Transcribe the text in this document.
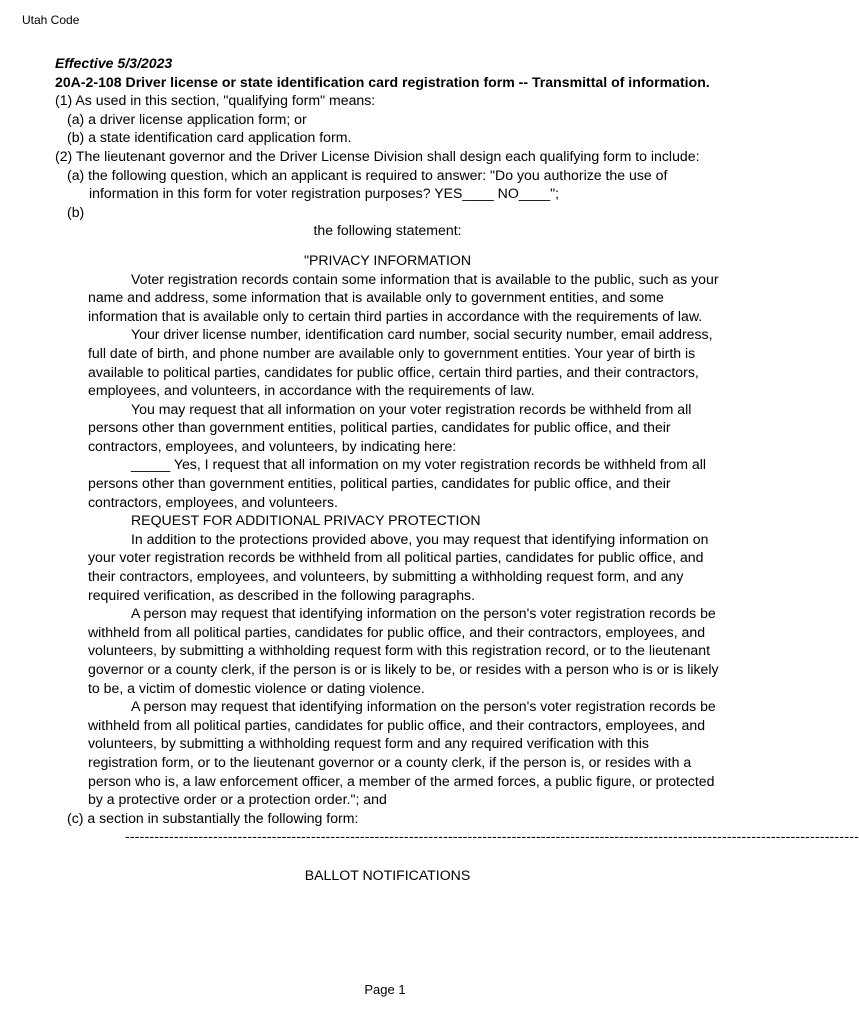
Utah Code

Effective 5/3/2023

20A-2-108 Driver license or state identification card registration form -- Transmittal of information.

(1) As used in this section, "qualifying form" means:

(a) a driver license application form; or

(b) a state identification card application form.

(2) The lieutenant governor and the Driver License Division shall design each qualifying form to include:

(a) the following question, which an applicant is required to answer: "Do you authorize the use of information in this form for voter registration purposes? YES____ NO____";

(b)

the following statement:

"PRIVACY INFORMATION

Voter registration records contain some information that is available to the public, such as your name and address, some information that is available only to government entities, and some information that is available only to certain third parties in accordance with the requirements of law.

Your driver license number, identification card number, social security number, email address, full date of birth, and phone number are available only to government entities. Your year of birth is available to political parties, candidates for public office, certain third parties, and their contractors, employees, and volunteers, in accordance with the requirements of law.

You may request that all information on your voter registration records be withheld from all persons other than government entities, political parties, candidates for public office, and their contractors, employees, and volunteers, by indicating here:

_____ Yes, I request that all information on my voter registration records be withheld from all persons other than government entities, political parties, candidates for public office, and their contractors, employees, and volunteers.

REQUEST FOR ADDITIONAL PRIVACY PROTECTION

In addition to the protections provided above, you may request that identifying information on your voter registration records be withheld from all political parties, candidates for public office, and their contractors, employees, and volunteers, by submitting a withholding request form, and any required verification, as described in the following paragraphs.

A person may request that identifying information on the person's voter registration records be withheld from all political parties, candidates for public office, and their contractors, employees, and volunteers, by submitting a withholding request form with this registration record, or to the lieutenant governor or a county clerk, if the person is or is likely to be, or resides with a person who is or is likely to be, a victim of domestic violence or dating violence.

A person may request that identifying information on the person's voter registration records be withheld from all political parties, candidates for public office, and their contractors, employees, and volunteers, by submitting a withholding request form and any required verification with this registration form, or to the lieutenant governor or a county clerk, if the person is, or resides with a person who is, a law enforcement officer, a member of the armed forces, a public figure, or protected by a protective order or a protection order."; and

(c) a section in substantially the following form:

------------------------------------------------------------------------------------------------------------------------------------------------------

BALLOT NOTIFICATIONS

Page 1
